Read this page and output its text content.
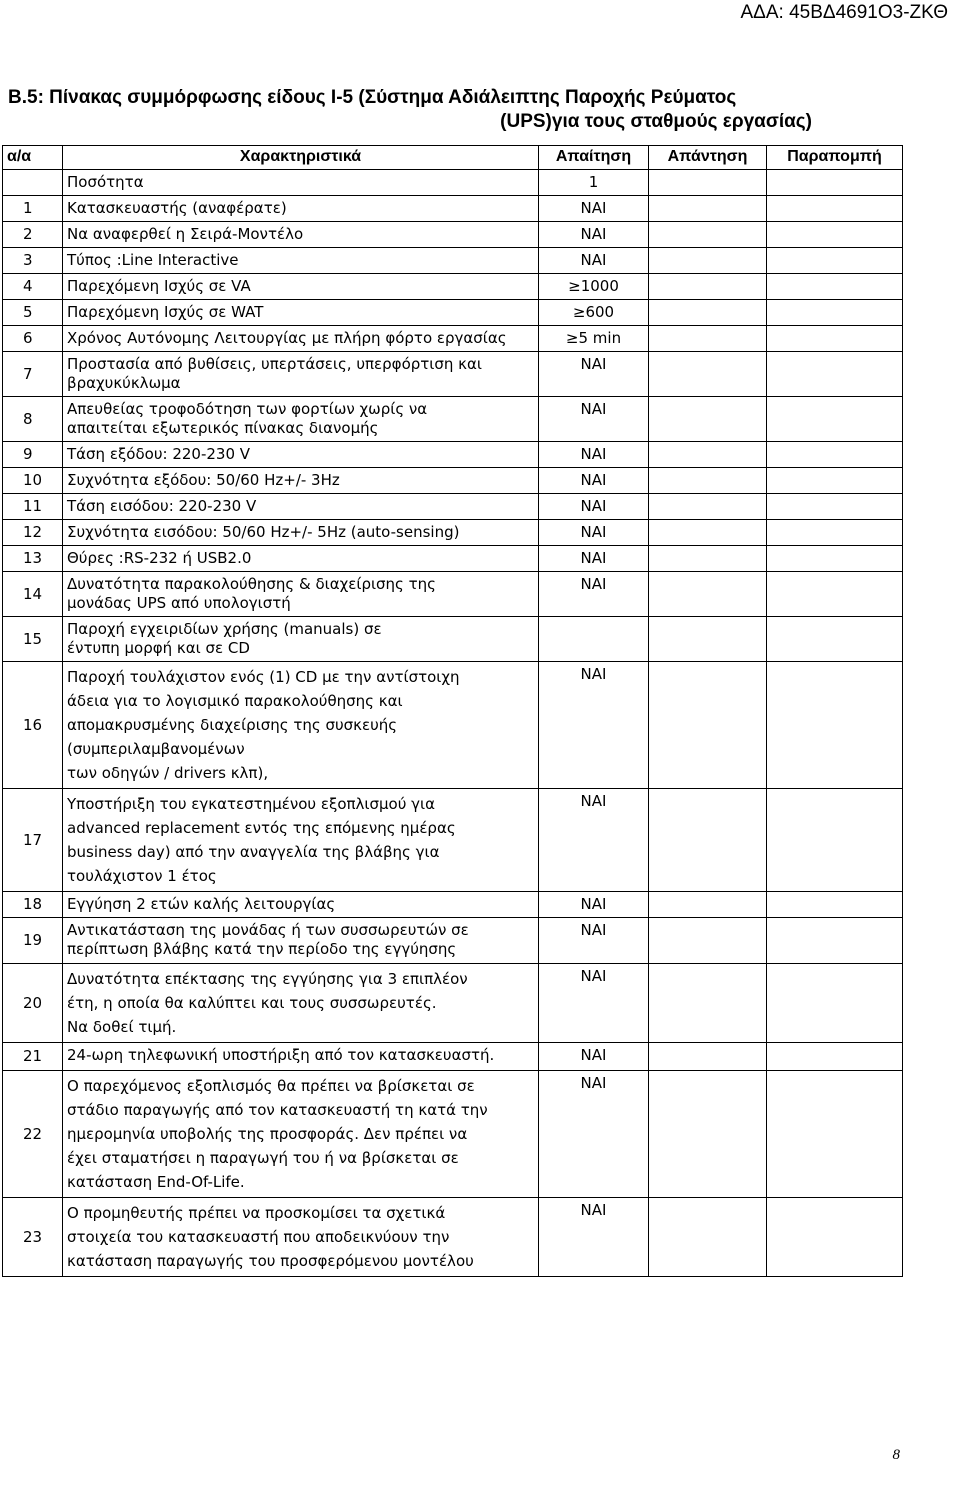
ΑΔΑ: 45ΒΔ4691Ο3-ΖΚΘ
Β.5: Πίνακας συμμόρφωσης είδους Ι-5 (Σύστημα Αδιάλειπτης Παροχής Ρεύματος
(UPS)για τους σταθμούς εργασίας)
α/α	Χαρακτηριστικά	Απαίτηση	Απάντηση	Παραπομπή

	Ποσότητα	1		
1	Κατασκευαστής (αναφέρατε)	ΝΑΙ		
2	Να αναφερθεί η Σειρά-Μοντέλο	ΝΑΙ		
3	Τύπος :Line Interactive	ΝΑΙ		
4	Παρεχόμενη Ισχύς σε VA	≥1000		
5	Παρεχόμενη Ισχύς σε WAT	≥600		
6	Χρόνος Αυτόνομης Λειτουργίας με πλήρη φόρτο εργασίας	≥5 min		
7	Προστασία από βυθίσεις, υπερτάσεις, υπερφόρτιση και
βραχυκύκλωμα	ΝΑΙ		
8	Απευθείας τροφοδότηση των φορτίων χωρίς να
απαιτείται εξωτερικός πίνακας διανομής	ΝΑΙ		
9	Τάση εξόδου: 220-230 V	ΝΑΙ		
10	Συχνότητα εξόδου: 50/60 Hz+/- 3Hz	ΝΑΙ		
11	Τάση εισόδου: 220-230 V	ΝΑΙ		
12	Συχνότητα εισόδου: 50/60 Hz+/- 5Hz (auto-sensing)	ΝΑΙ		
13	Θύρες :RS-232 ή USB2.0	ΝΑΙ		
14	Δυνατότητα παρακολούθησης & διαχείρισης της
μονάδας UPS από υπολογιστή	ΝΑΙ		
15	Παροχή εγχειριδίων χρήσης (manuals) σε
έντυπη μορφή και σε CD			

16	Παροχή τουλάχιστον ενός (1) CD με την αντίστοιχη
άδεια για το λογισμικό παρακολούθησης και
απομακρυσμένης διαχείρισης της συσκευής
(συμπεριλαμβανομένων
των οδηγών / drivers κλπ),	ΝΑΙ		
17	Υποστήριξη του εγκατεστημένου εξοπλισμού για
advanced replacement εντός της επόμενης ημέρας
business day) από την αναγγελία της βλάβης για
τουλάχιστον 1 έτος	ΝΑΙ		
18	Εγγύηση 2 ετών καλής λειτουργίας	ΝΑΙ		
19	Αντικατάσταση της μονάδας ή των συσσωρευτών σε
περίπτωση βλάβης κατά την περίοδο της εγγύησης	ΝΑΙ		
20	Δυνατότητα επέκτασης της εγγύησης για 3 επιπλέον
έτη, η οποία θα καλύπτει και τους συσσωρευτές.
Να δοθεί τιμή.	ΝΑΙ		
21	24-ωρη τηλεφωνική υποστήριξη από τον κατασκευαστή.	ΝΑΙ		
22	Ο παρεχόμενος εξοπλισμός θα πρέπει να βρίσκεται σε
στάδιο παραγωγής από τον κατασκευαστή τη κατά την
ημερομηνία υποβολής της προσφοράς. Δεν πρέπει να
έχει σταματήσει η παραγωγή του ή να βρίσκεται σε
κατάσταση End-Of-Life.	ΝΑΙ		
23	Ο προμηθευτής πρέπει να προσκομίσει τα σχετικά
στοιχεία του κατασκευαστή που αποδεικνύουν την
κατάσταση παραγωγής του προσφερόμενου μοντέλου	ΝΑΙ		
8
